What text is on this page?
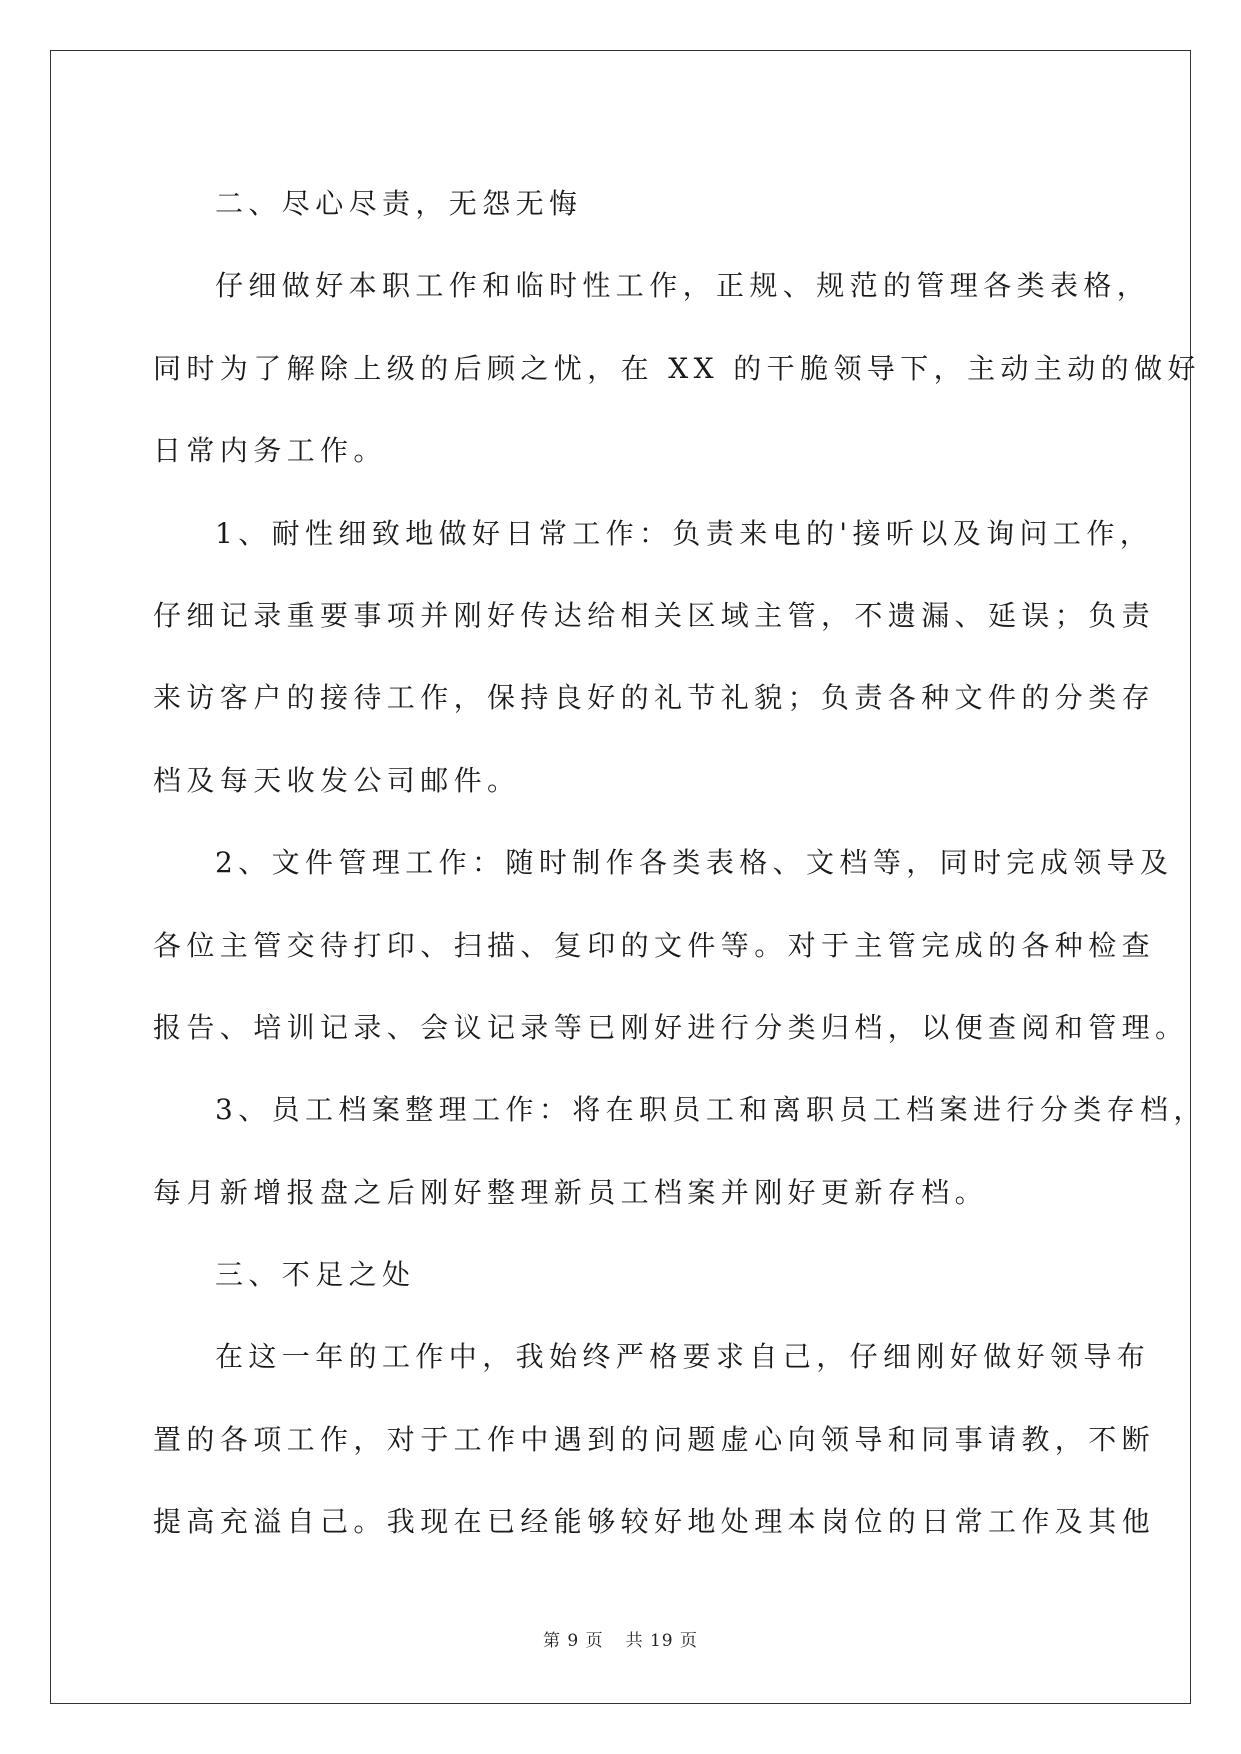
二、尽心尽责，无怨无悔
仔细做好本职工作和临时性工作，正规、规范的管理各类表格，
同时为了解除上级的后顾之忧，在 XX 的干脆领导下，主动主动的做好
日常内务工作。
1、耐性细致地做好日常工作：负责来电的'接听以及询问工作，
仔细记录重要事项并刚好传达给相关区域主管，不遗漏、延误；负责
来访客户的接待工作，保持良好的礼节礼貌；负责各种文件的分类存
档及每天收发公司邮件。
2、文件管理工作：随时制作各类表格、文档等，同时完成领导及
各位主管交待打印、扫描、复印的文件等。对于主管完成的各种检查
报告、培训记录、会议记录等已刚好进行分类归档，以便查阅和管理。
3、员工档案整理工作：将在职员工和离职员工档案进行分类存档，
每月新增报盘之后刚好整理新员工档案并刚好更新存档。
三、不足之处
在这一年的工作中，我始终严格要求自己，仔细刚好做好领导布
置的各项工作，对于工作中遇到的问题虚心向领导和同事请教，不断
提高充溢自己。我现在已经能够较好地处理本岗位的日常工作及其他
第 9 页 共 19 页
